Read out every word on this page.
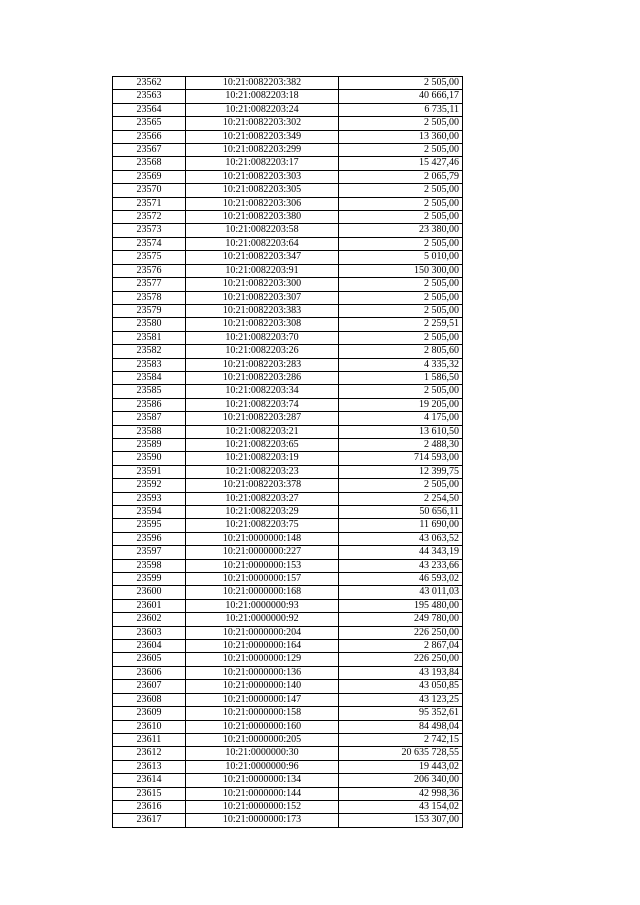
23562	10:21:0082203:382	2 505,00
23563	10:21:0082203:18	40 666,17
23564	10:21:0082203:24	6 735,11
23565	10:21:0082203:302	2 505,00
23566	10:21:0082203:349	13 360,00
23567	10:21:0082203:299	2 505,00
23568	10:21:0082203:17	15 427,46
23569	10:21:0082203:303	2 065,79
23570	10:21:0082203:305	2 505,00
23571	10:21:0082203:306	2 505,00
23572	10:21:0082203:380	2 505,00
23573	10:21:0082203:58	23 380,00
23574	10:21:0082203:64	2 505,00
23575	10:21:0082203:347	5 010,00
23576	10:21:0082203:91	150 300,00
23577	10:21:0082203:300	2 505,00
23578	10:21:0082203:307	2 505,00
23579	10:21:0082203:383	2 505,00
23580	10:21:0082203:308	2 259,51
23581	10:21:0082203:70	2 505,00
23582	10:21:0082203:26	2 805,60
23583	10:21:0082203:283	4 335,32
23584	10:21:0082203:286	1 586,50
23585	10:21:0082203:34	2 505,00
23586	10:21:0082203:74	19 205,00
23587	10:21:0082203:287	4 175,00
23588	10:21:0082203:21	13 610,50
23589	10:21:0082203:65	2 488,30
23590	10:21:0082203:19	714 593,00
23591	10:21:0082203:23	12 399,75
23592	10:21:0082203:378	2 505,00
23593	10:21:0082203:27	2 254,50
23594	10:21:0082203:29	50 656,11
23595	10:21:0082203:75	11 690,00
23596	10:21:0000000:148	43 063,52
23597	10:21:0000000:227	44 343,19
23598	10:21:0000000:153	43 233,66
23599	10:21:0000000:157	46 593,02
23600	10:21:0000000:168	43 011,03
23601	10:21:0000000:93	195 480,00
23602	10:21:0000000:92	249 780,00
23603	10:21:0000000:204	226 250,00
23604	10:21:0000000:164	2 867,04
23605	10:21:0000000:129	226 250,00
23606	10:21:0000000:136	43 193,84
23607	10:21:0000000:140	43 050,85
23608	10:21:0000000:147	43 123,25
23609	10:21:0000000:158	95 352,61
23610	10:21:0000000:160	84 498,04
23611	10:21:0000000:205	2 742,15
23612	10:21:0000000:30	20 635 728,55
23613	10:21:0000000:96	19 443,02
23614	10:21:0000000:134	206 340,00
23615	10:21:0000000:144	42 998,36
23616	10:21:0000000:152	43 154,02
23617	10:21:0000000:173	153 307,00
